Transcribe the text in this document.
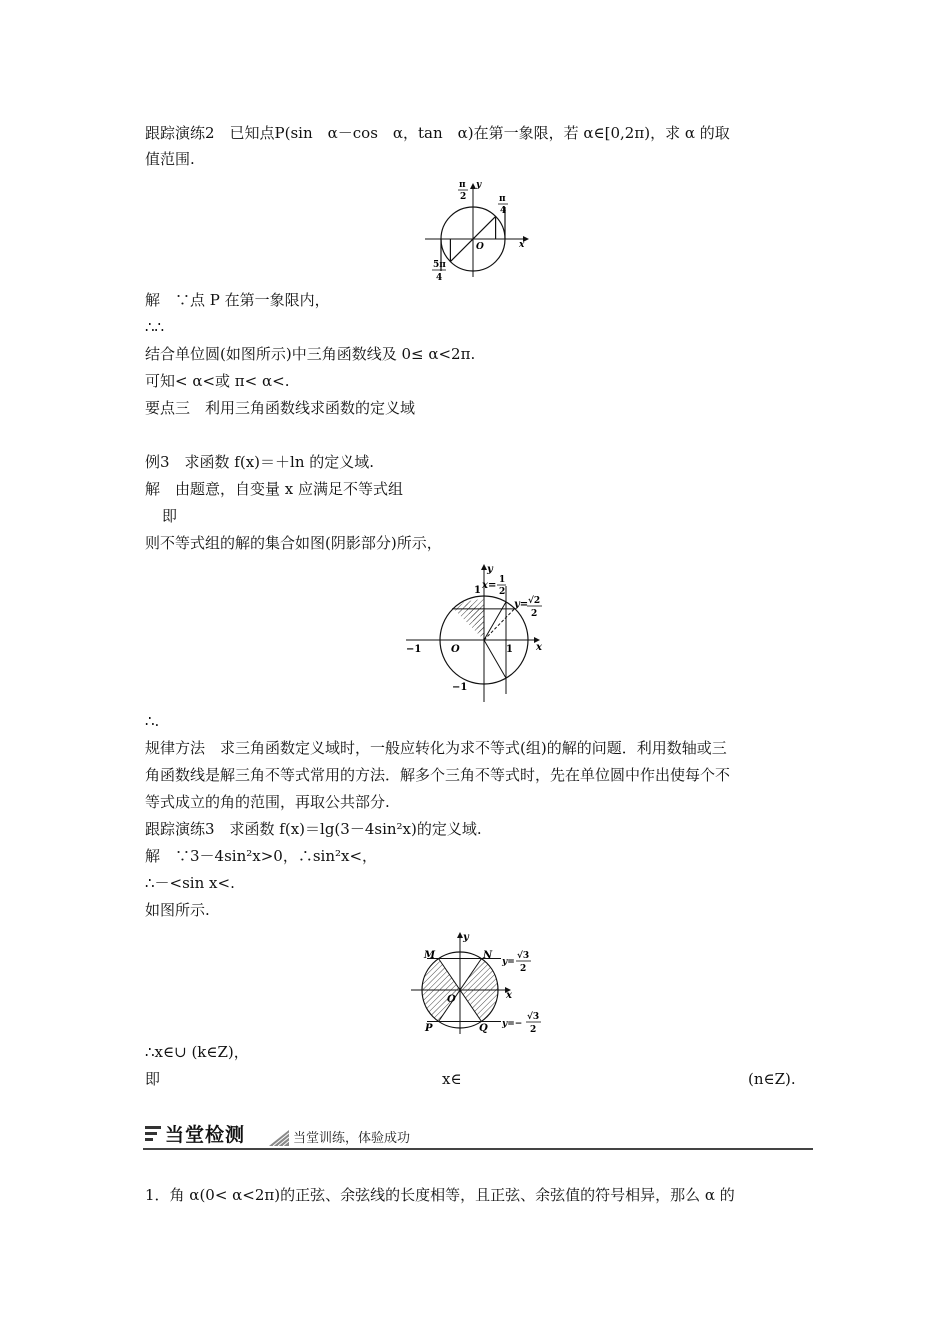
跟踪演练2　已知点P(sin　α－cos　α，tan　α)在第一象限，若 α∈[0,2π)，求 α 的取
值范围.
π
2
y
π
4
O	x
5π
4
解　∵点 P 在第一象限内，
∴∴
结合单位圆(如图所示)中三角函数线及 0≤ α<2π.
可知< α<或 π< α<.
要点三　利用三角函数线求函数的定义域
例3　求函数 f(x)＝＋ln 的定义域.
解　由题意，自变量 x 应满足不等式组
即
则不等式组的解的集合如图(阴影部分)所示，
y
1 x= 1
2
y= √2
2
−1	O	1 x
−1
∴.
规律方法　求三角函数定义域时，一般应转化为求不等式(组)的解的问题．利用数轴或三
角函数线是解三角不等式常用的方法．解多个三角不等式时，先在单位圆中作出使每个不
等式成立的角的范围，再取公共部分.
跟踪演练3　求函数 f(x)＝lg(3－4sin²x)的定义域.
解　∵3－4sin²x>0，∴sin²x<，
∴－<sin x<.
如图所示.
y
M	N
y=
√3
2
O	x
P	Q y=−
√3
2
∴x∈∪ (k∈Z)，
即	x∈	(n∈Z).
当堂检测	当堂训练，体验成功
1．角 α(0< α<2π)的正弦、余弦线的长度相等，且正弦、余弦值的符号相异，那么 α 的
